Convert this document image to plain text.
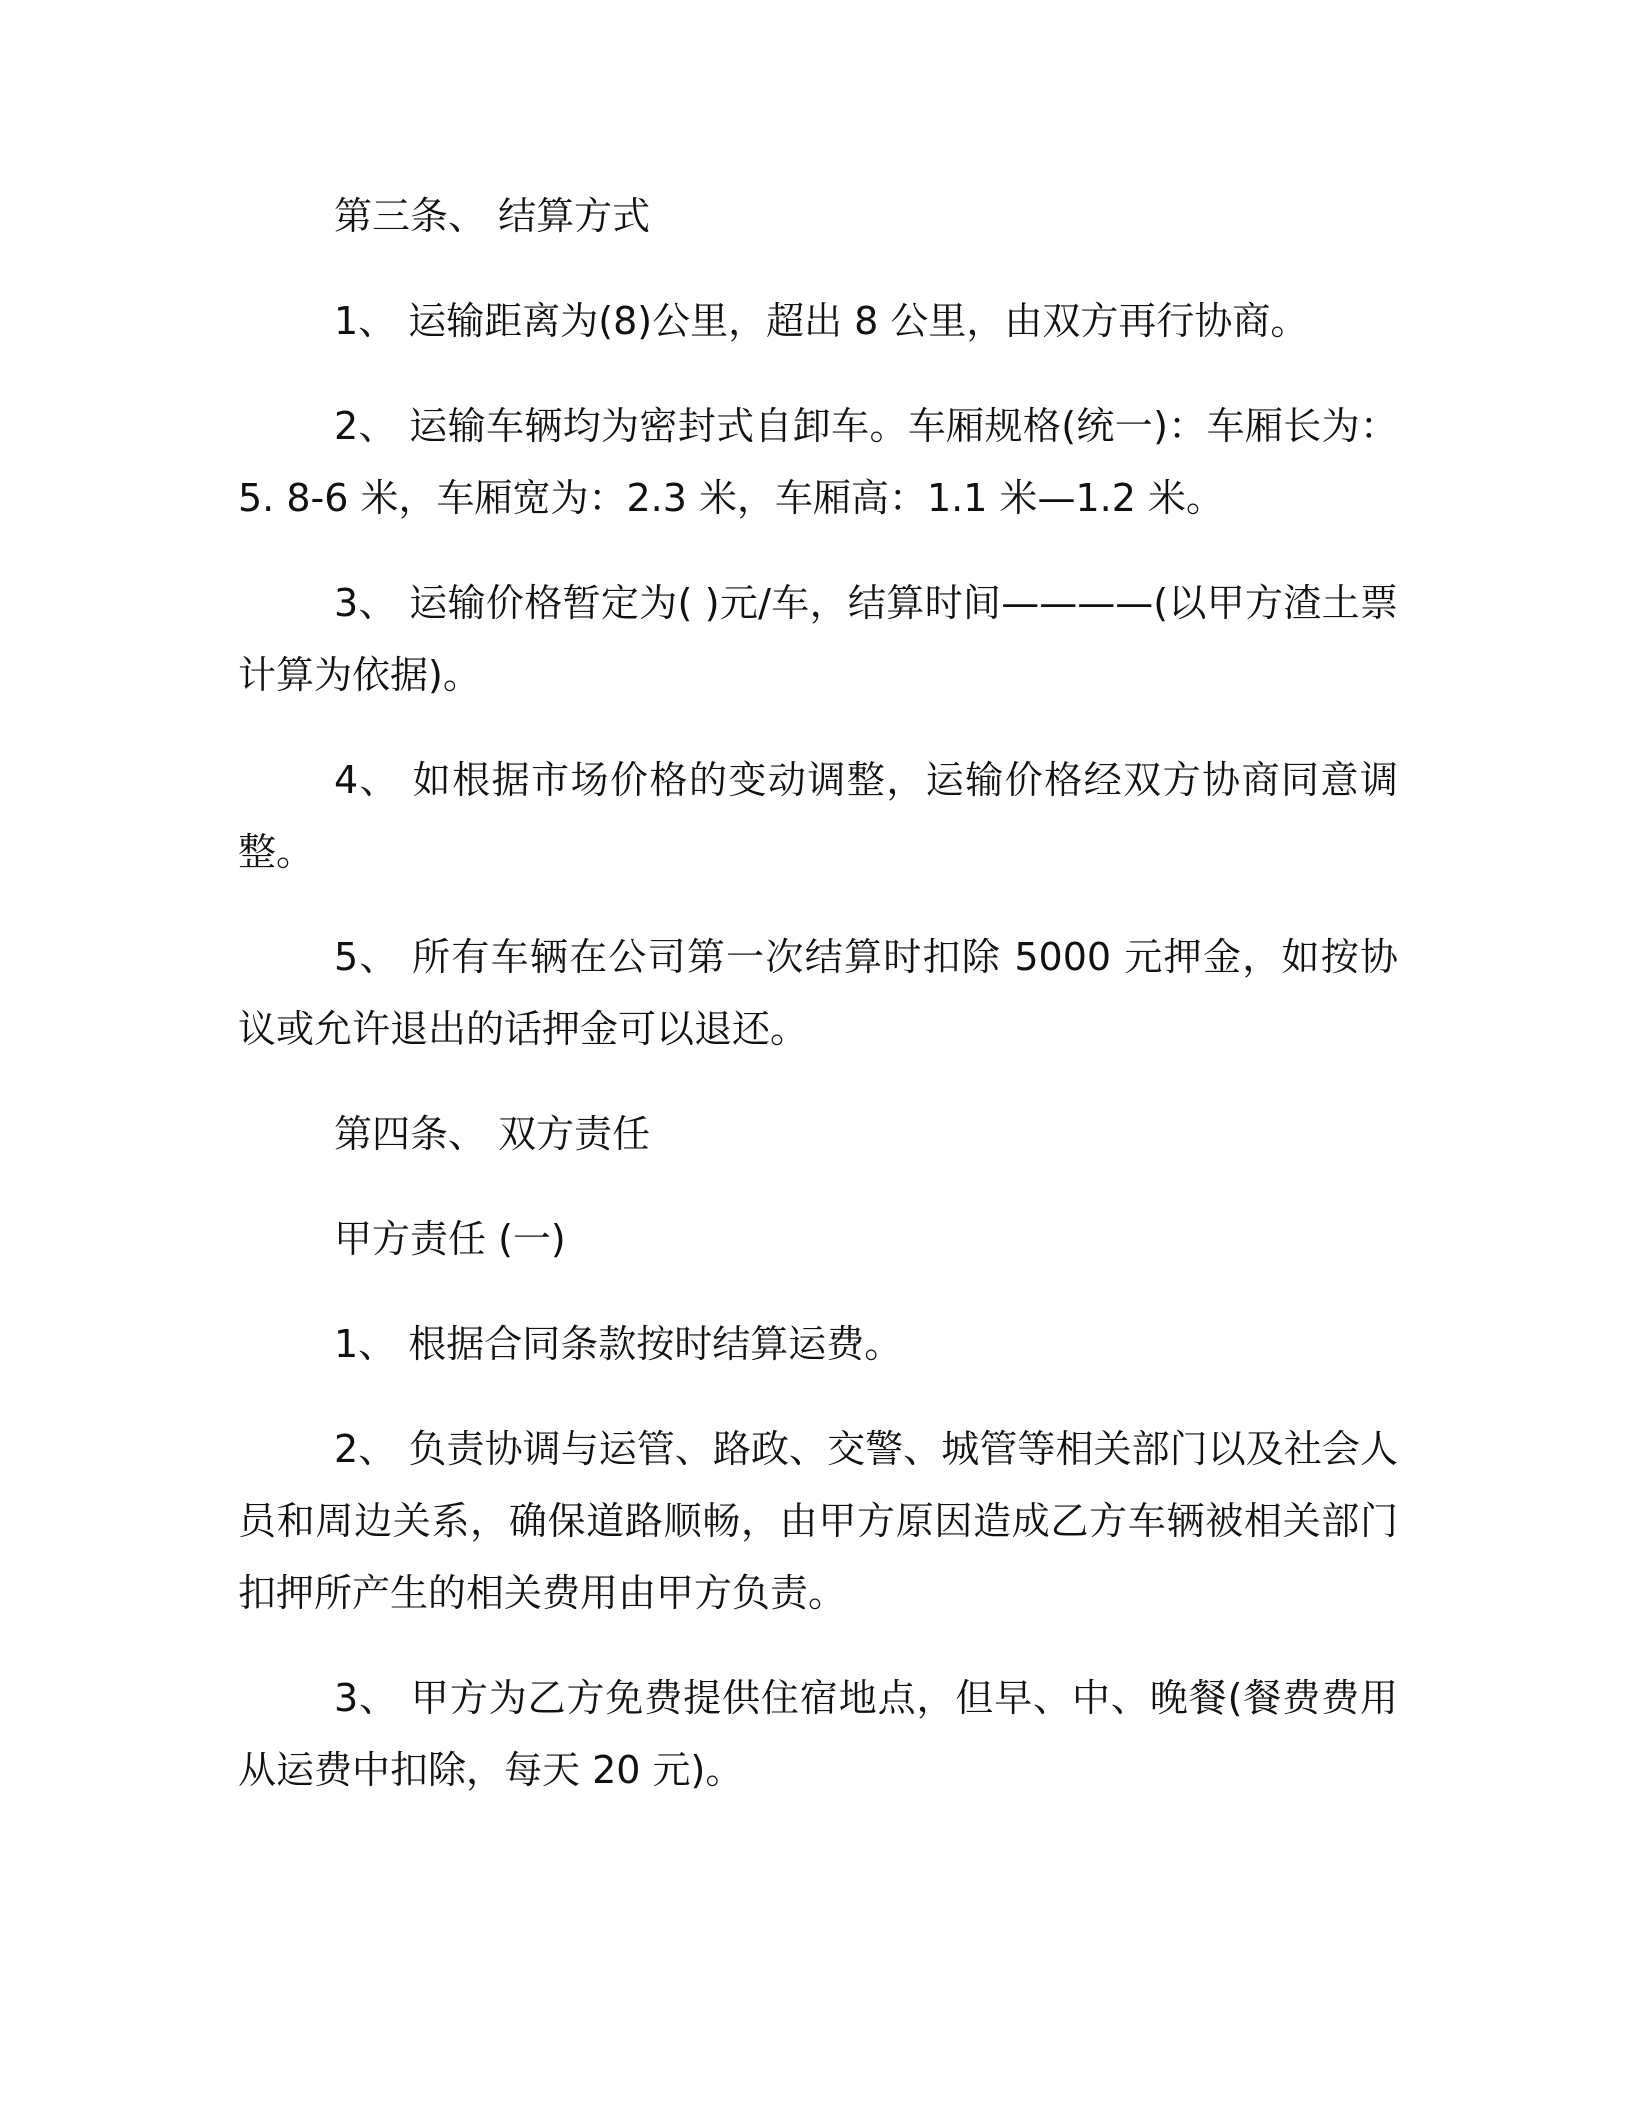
第三条、 结算方式

1、 运输距离为(8)公里，超出 8 公里，由双方再行协商。

2、 运输车辆均为密封式自卸车。车厢规格(统一)：车厢长为：5. 8-6 米，车厢宽为：2.3 米，车厢高：1.1 米—1.2 米。

3、 运输价格暂定为( )元/车，结算时间————(以甲方渣土票计算为依据)。

4、 如根据市场价格的变动调整，运输价格经双方协商同意调整。

5、 所有车辆在公司第一次结算时扣除 5000 元押金，如按协议或允许退出的话押金可以退还。

第四条、 双方责任

甲方责任 (一)

1、 根据合同条款按时结算运费。

2、 负责协调与运管、路政、交警、城管等相关部门以及社会人员和周边关系，确保道路顺畅，由甲方原因造成乙方车辆被相关部门扣押所产生的相关费用由甲方负责。

3、 甲方为乙方免费提供住宿地点，但早、中、晚餐(餐费费用从运费中扣除，每天 20 元)。
